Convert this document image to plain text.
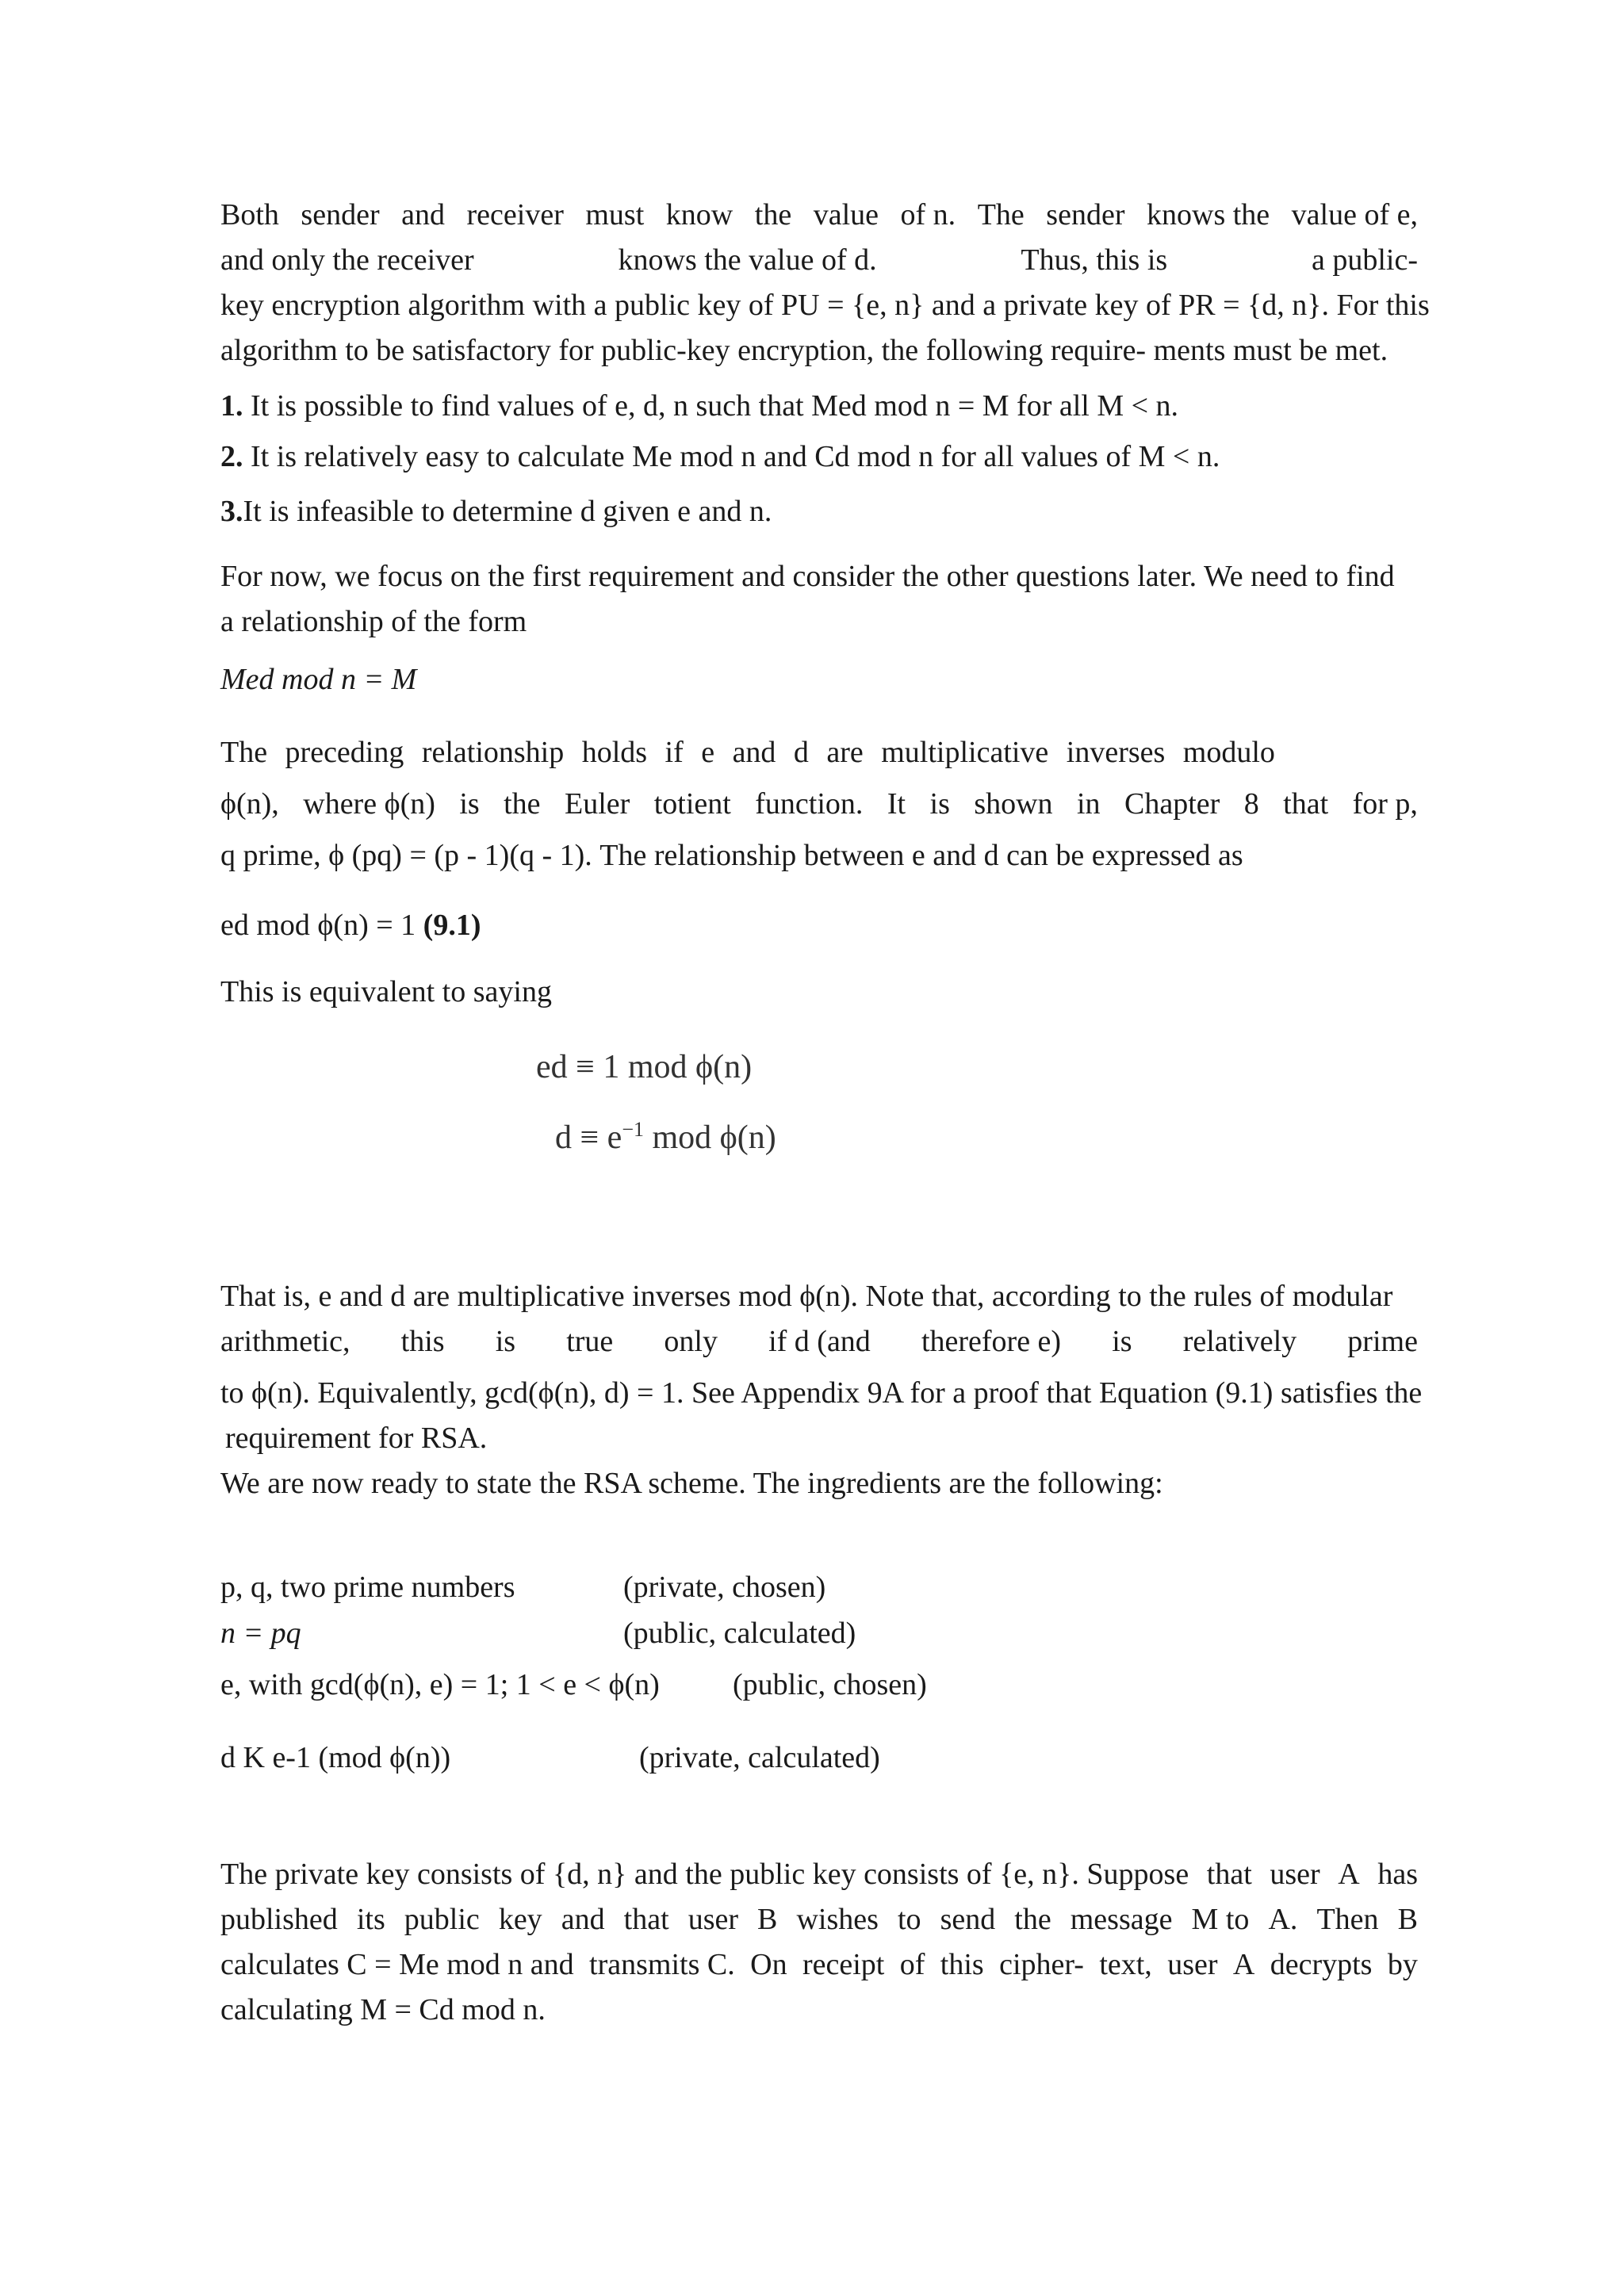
Both sender and receiver must know the value of n. The sender knows the value of e,
and only the receiver	knows the value of d.	Thus, this is	a public-
key encryption algorithm with a public key of PU = {e, n} and a private key of PR = {d, n}. For this
algorithm to be satisfactory for public-key encryption, the following require- ments must be met.
1. It is possible to find values of e, d, n such that Med mod n = M for all M < n.
2. It is relatively easy to calculate Me mod n and Cd mod n for all values of M < n.
3.It is infeasible to determine d given e and n.
For now, we focus on the first requirement and consider the other questions later. We need to find
a relationship of the form
Med mod n = M
The preceding relationship holds if e and d are multiplicative inverses modulo
ϕ(n), where ϕ(n) is the Euler totient function. It is shown in Chapter 8 that for p,
q prime, ϕ (pq) = (p - 1)(q - 1). The relationship between e and d can be expressed as
ed mod ϕ(n) = 1 (9.1)
This is equivalent to saying
ed ≡ 1 mod ϕ(n)
$d \equiv e^{-1}$ mod ϕ(n)
That is, e and d are multiplicative inverses mod ϕ(n). Note that, according to the rules of modular
arithmetic, this is true only if d (and therefore e) is relatively prime
to ϕ(n). Equivalently, gcd(ϕ(n), d) = 1. See Appendix 9A for a proof that Equation (9.1) satisfies the
requirement for RSA.
We are now ready to state the RSA scheme. The ingredients are the following:
p, q, two prime numbers	(private, chosen)
n = pq	(public, calculated)
e, with gcd(ϕ(n), e) = 1; 1 < e < ϕ(n) (public, chosen)
d K e-1 (mod ϕ(n))	(private, calculated)
The private key consists of {d, n} and the public key consists of {e, n}. Suppose that user A has
published its public key and that user B wishes to send the message M to A. Then B
calculates C = Me mod n and transmits C. On receipt of this cipher- text, user A decrypts by
calculating M = Cd mod n.
